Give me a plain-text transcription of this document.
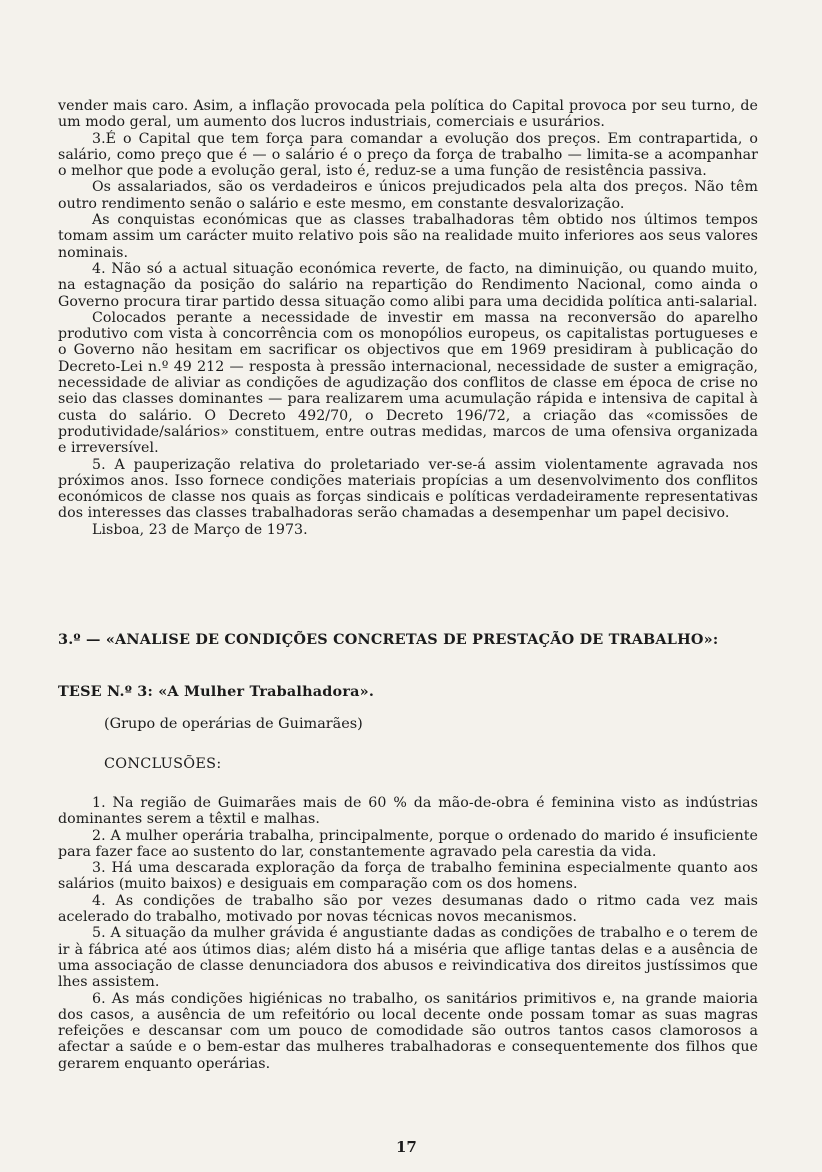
vender mais caro. Asim, a inflação provocada pela política do Capital provoca por seu turno, de um modo geral, um aumento dos lucros industriais, comerciais e usurários.

3.É o Capital que tem força para comandar a evolução dos preços. Em contrapartida, o salário, como preço que é — o salário é o preço da força de trabalho — limita-se a acompanhar o melhor que pode a evolução geral, isto é, reduz-se a uma função de resistência passiva.

Os assalariados, são os verdadeiros e únicos prejudicados pela alta dos preços. Não têm outro rendimento senão o salário e este mesmo, em constante desvalorização.

As conquistas económicas que as classes trabalhadoras têm obtido nos últimos tempos tomam assim um carácter muito relativo pois são na realidade muito inferiores aos seus valores nominais.

4. Não só a actual situação económica reverte, de facto, na diminuição, ou quando muito, na estagnação da posição do salário na repartição do Rendimento Nacional, como ainda o Governo procura tirar partido dessa situação como alibi para uma decidida política anti-salarial.

Colocados perante a necessidade de investir em massa na reconversão do aparelho produtivo com vista à concorrência com os monopólios europeus, os capitalistas portugueses e o Governo não hesitam em sacrificar os objectivos que em 1969 presidiram à publicação do Decreto-Lei n.º 49 212 — resposta à pressão internacional, necessidade de suster a emigração, necessidade de aliviar as condições de agudização dos conflitos de classe em época de crise no seio das classes dominantes — para realizarem uma acumulação rápida e intensiva de capital à custa do salário. O Decreto 492/70, o Decreto 196/72, a criação das «comissões de produtividade/salários» constituem, entre outras medidas, marcos de uma ofensiva organizada e irreversível.

5. A pauperização relativa do proletariado ver-se-á assim violentamente agravada nos próximos anos. Isso fornece condições materiais propícias a um desenvolvimento dos conflitos económicos de classe nos quais as forças sindicais e políticas verdadeiramente representativas dos interesses das classes trabalhadoras serão chamadas a desempenhar um papel decisivo.

Lisboa, 23 de Março de 1973.

3.º — «ANALISE DE CONDIÇÕES CONCRETAS DE PRESTAÇÃO DE TRABALHO»:
TESE N.º 3: «A Mulher Trabalhadora».
(Grupo de operárias de Guimarães)
CONCLUSÕES:

1. Na região de Guimarães mais de 60 % da mão-de-obra é feminina visto as indústrias dominantes serem a têxtil e malhas.

2. A mulher operária trabalha, principalmente, porque o ordenado do marido é insuficiente para fazer face ao sustento do lar, constantemente agravado pela carestia da vida.

3. Há uma descarada exploração da força de trabalho feminina especialmente quanto aos salários (muito baixos) e desiguais em comparação com os dos homens.

4. As condições de trabalho são por vezes desumanas dado o ritmo cada vez mais acelerado do trabalho, motivado por novas técnicas novos mecanismos.

5. A situação da mulher grávida é angustiante dadas as condições de trabalho e o terem de ir à fábrica até aos útimos dias; além disto há a miséria que aflige tantas delas e a ausência de uma associação de classe denunciadora dos abusos e reivindicativa dos direitos justíssimos que lhes assistem.

6. As más condições higiénicas no trabalho, os sanitários primitivos e, na grande maioria dos casos, a ausência de um refeitório ou local decente onde possam tomar as suas magras refeições e descansar com um pouco de comodidade são outros tantos casos clamorosos a afectar a saúde e o bem-estar das mulheres trabalhadoras e consequentemente dos filhos que gerarem enquanto operárias.

17
